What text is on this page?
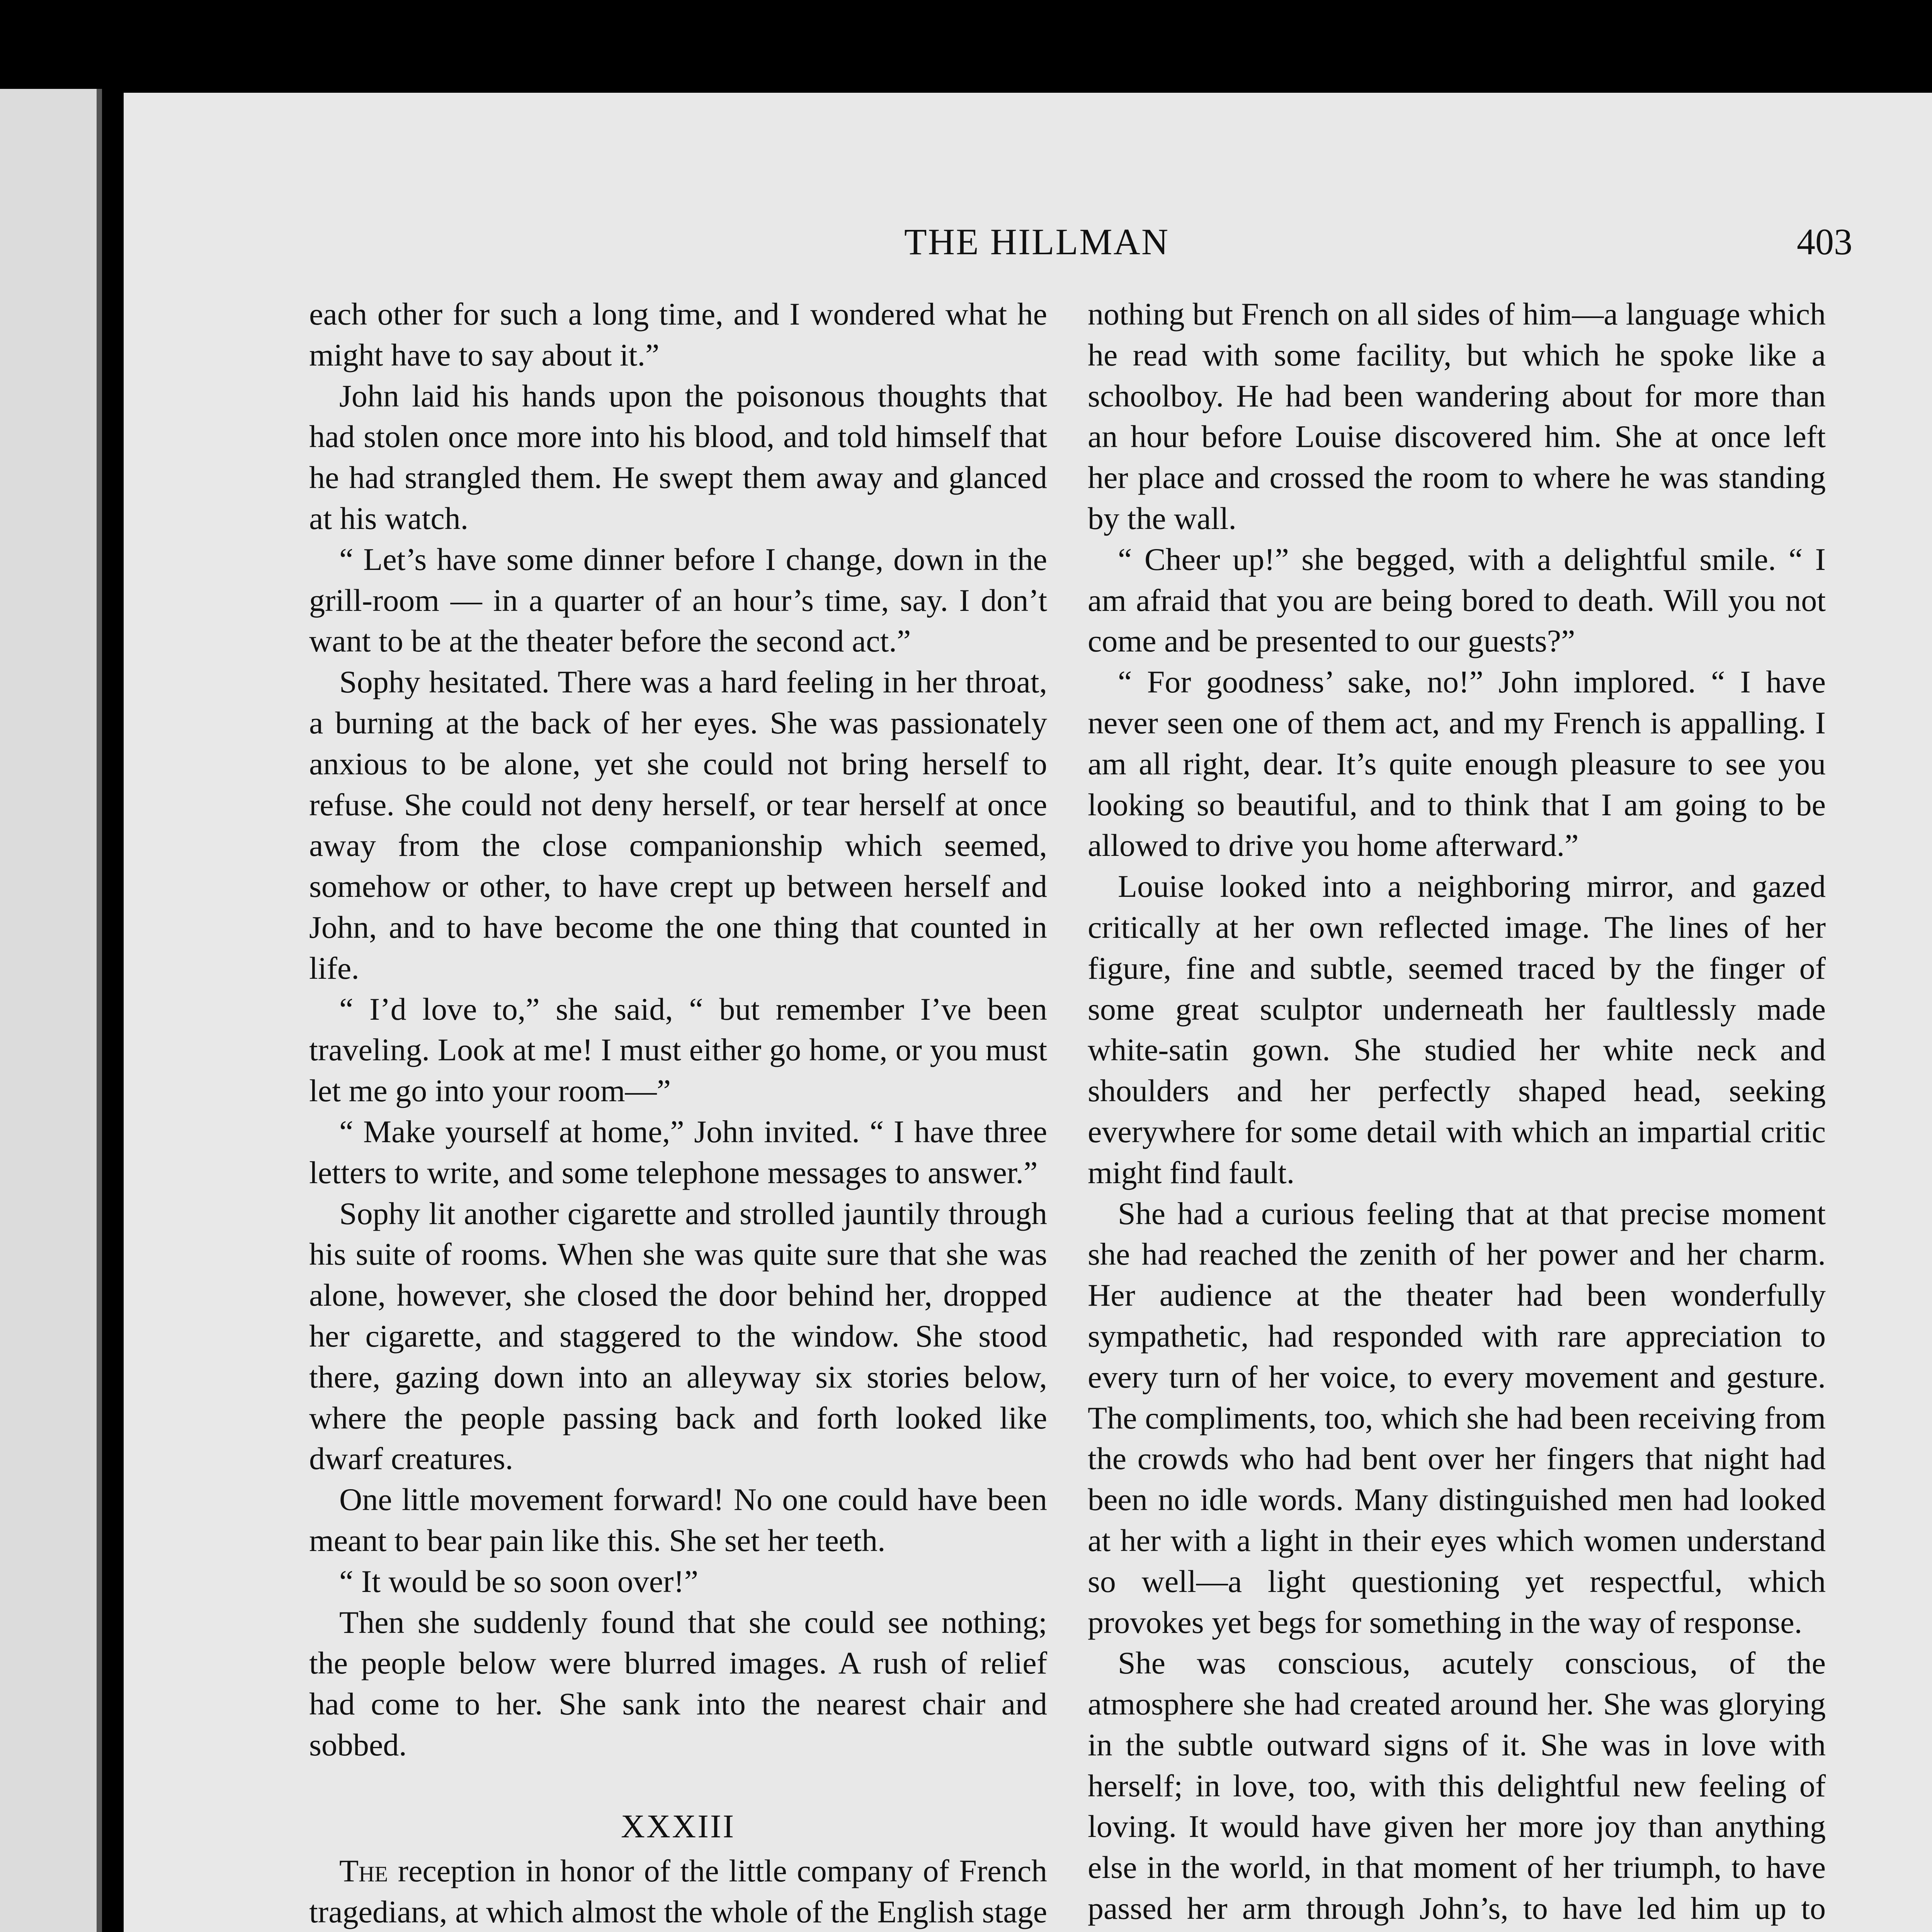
THE HILLMAN	403

each other for such a long time, and I wondered what he might have to say about it.”

John laid his hands upon the poisonous thoughts that had stolen once more into his blood, and told himself that he had strangled them. He swept them away and glanced at his watch.

“ Let’s have some dinner before I change, down in the grill-room — in a quarter of an hour’s time, say. I don’t want to be at the theater before the second act.”

Sophy hesitated. There was a hard feeling in her throat, a burning at the back of her eyes. She was passionately anxious to be alone, yet she could not bring herself to refuse. She could not deny herself, or tear herself at once away from the close companionship which seemed, somehow or other, to have crept up between herself and John, and to have become the one thing that counted in life.

“ I’d love to,” she said, “ but remember I’ve been traveling. Look at me! I must either go home, or you must let me go into your room—”

“ Make yourself at home,” John invited. “ I have three letters to write, and some telephone messages to answer.”

Sophy lit another cigarette and strolled jauntily through his suite of rooms. When she was quite sure that she was alone, however, she closed the door behind her, dropped her cigarette, and staggered to the window. She stood there, gazing down into an alleyway six stories below, where the people passing back and forth looked like dwarf creatures.

One little movement forward! No one could have been meant to bear pain like this. She set her teeth.

“ It would be so soon over!”

Then she suddenly found that she could see nothing; the people below were blurred images. A rush of relief had come to her. She sank into the nearest chair and sobbed.

XXXIII

The reception in honor of the little company of French tragedians, at which almost the whole of the English stage

nothing but French on all sides of him—a language which he read with some facility, but which he spoke like a schoolboy. He had been wandering about for more than an hour before Louise discovered him. She at once left her place and crossed the room to where he was standing by the wall.

“ Cheer up!” she begged, with a delightful smile. “ I am afraid that you are being bored to death. Will you not come and be presented to our guests?”

“ For goodness’ sake, no!” John implored. “ I have never seen one of them act, and my French is appalling. I am all right, dear. It’s quite enough pleasure to see you looking so beautiful, and to think that I am going to be allowed to drive you home afterward.”

Louise looked into a neighboring mirror, and gazed critically at her own reflected image. The lines of her figure, fine and subtle, seemed traced by the finger of some great sculptor underneath her faultlessly made white-satin gown. She studied her white neck and shoulders and her perfectly shaped head, seeking everywhere for some detail with which an impartial critic might find fault.

She had a curious feeling that at that precise moment she had reached the zenith of her power and her charm. Her audience at the theater had been wonderfully sympathetic, had responded with rare appreciation to every turn of her voice, to every movement and gesture. The compliments, too, which she had been receiving from the crowds who had bent over her fingers that night had been no idle words. Many distinguished men had looked at her with a light in their eyes which women understand so well—a light questioning yet respectful, which provokes yet begs for something in the way of response.

She was conscious, acutely conscious, of the atmosphere she had created around her. She was glorying in the subtle outward signs of it. She was in love with herself; in love, too, with this delightful new feeling of loving. It would have given her more joy than anything else in the world, in that moment of her triumph, to have passed her arm through John’s, to have led him up to
